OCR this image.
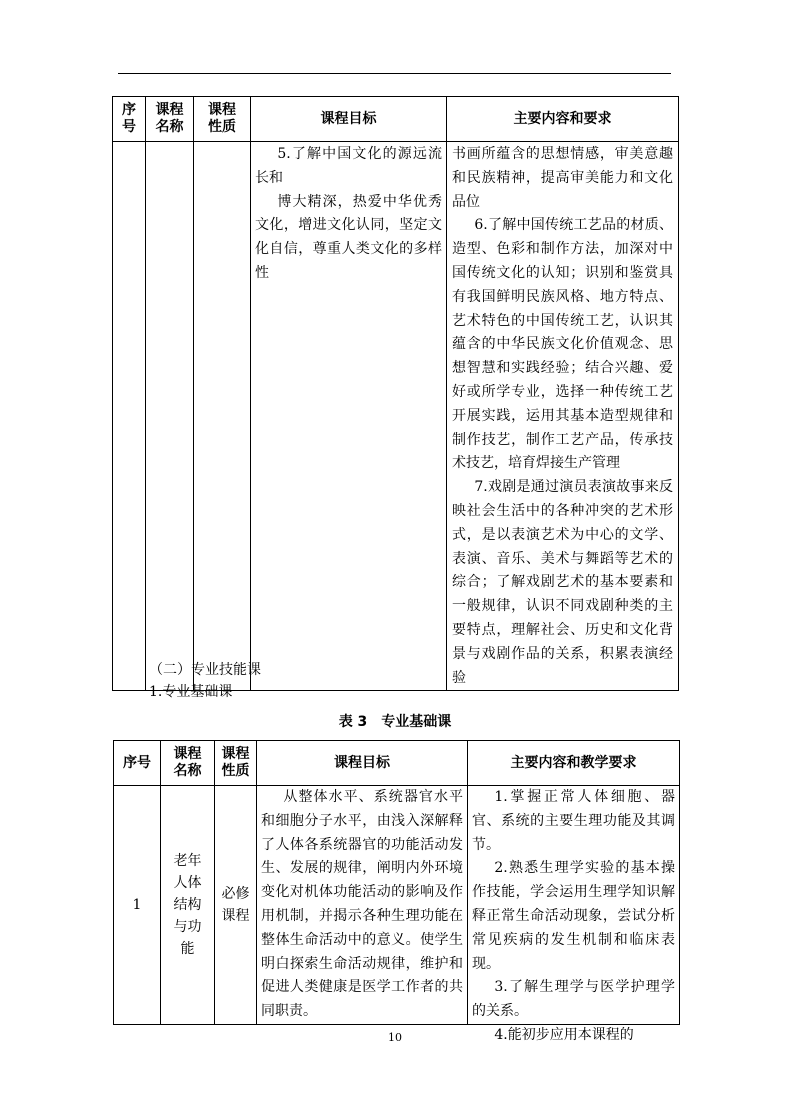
序号	课程名称	课程性质	课程目标	主要内容和要求

			5.了解中国文化的源远流长和
博大精深，热爱中华优秀文化，增进文化认同，坚定文化自信，尊重人类文化的多样性	书画所蕴含的思想情感，审美意趣和民族精神，提高审美能力和文化品位
6.了解中国传统工艺品的材质、造型、色彩和制作方法，加深对中国传统文化的认知；识别和鉴赏具有我国鲜明民族风格、地方特点、艺术特色的中国传统工艺，认识其蕴含的中华民族文化价值观念、思想智慧和实践经验；结合兴趣、爱好或所学专业，选择一种传统工艺开展实践，运用其基本造型规律和制作技艺，制作工艺产品，传承技术技艺，培育焊接生产管理
7.戏剧是通过演员表演故事来反映社会生活中的各种冲突的艺术形式，是以表演艺术为中心的文学、表演、音乐、美术与舞蹈等艺术的综合；了解戏剧艺术的基本要素和一般规律，认识不同戏剧种类的主要特点，理解社会、历史和文化背景与戏剧作品的关系，积累表演经验
（二）专业技能课
1.专业基础课
表 3　专业基础课
序号	课程名称	课程性质	课程目标	主要内容和教学要求
1	老年人体结构与功能	必修课程	从整体水平、系统器官水平和细胞分子水平，由浅入深解释了人体各系统器官的功能活动发生、发展的规律，阐明内外环境变化对机体功能活动的影响及作用机制，并揭示各种生理功能在整体生命活动中的意义。使学生明白探索生命活动规律，维护和促进人类健康是医学工作者的共同职责。	1.掌握正常人体细胞、器官、系统的主要生理功能及其调节。
2.熟悉生理学实验的基本操作技能，学会运用生理学知识解释正常生命活动现象，尝试分析常见疾病的发生机制和临床表现。
3.了解生理学与医学护理学的关系。
4.能初步应用本课程的
10
